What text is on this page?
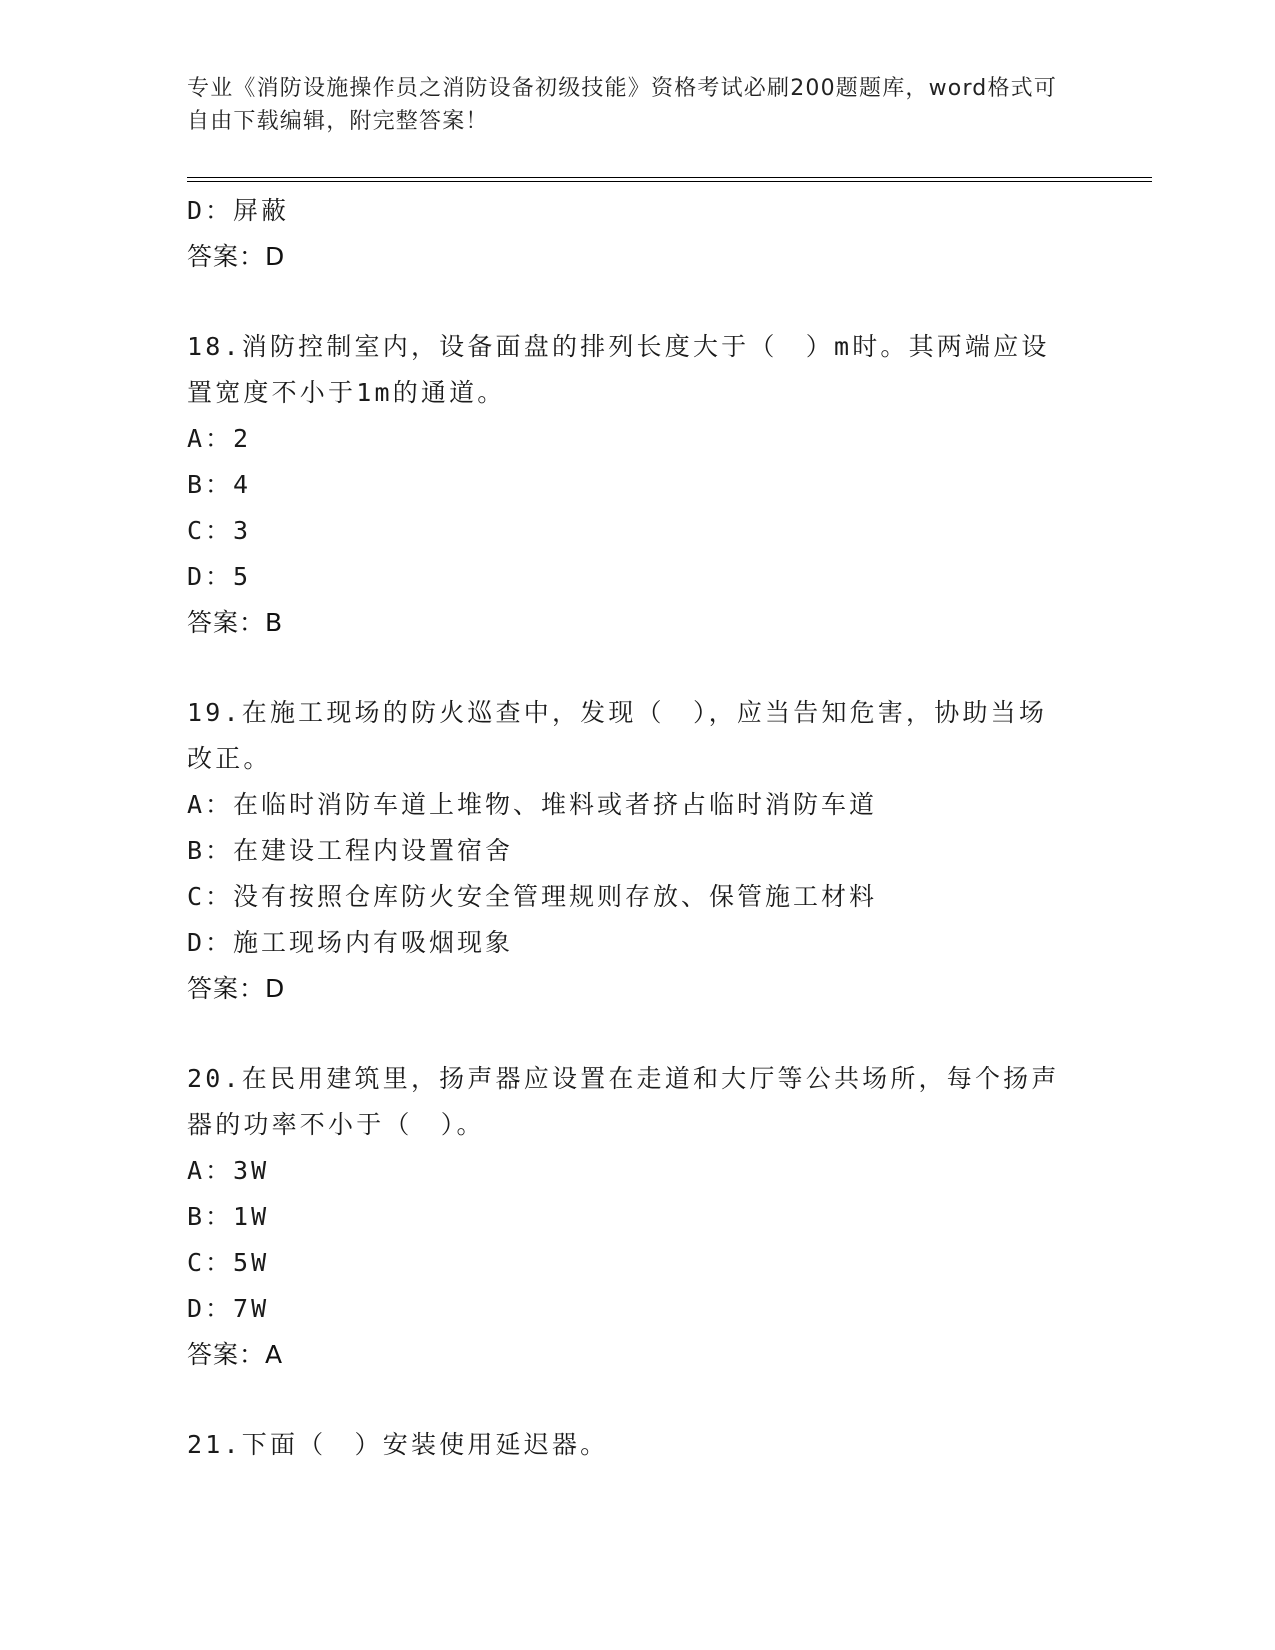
专业《消防设施操作员之消防设备初级技能》资格考试必刷200题题库，word格式可自由下载编辑，附完整答案！
D：屏蔽
答案：D
18.消防控制室内，设备面盘的排列长度大于（　）m时。其两端应设置宽度不小于1m的通道。
A：2
B：4
C：3
D：5
答案：B
19.在施工现场的防火巡查中，发现（　），应当告知危害，协助当场改正。
A：在临时消防车道上堆物、堆料或者挤占临时消防车道
B：在建设工程内设置宿舍
C：没有按照仓库防火安全管理规则存放、保管施工材料
D：施工现场内有吸烟现象
答案：D
20.在民用建筑里，扬声器应设置在走道和大厅等公共场所，每个扬声器的功率不小于（　）。
A：3W
B：1W
C：5W
D：7W
答案：A
21.下面（　）安装使用延迟器。
